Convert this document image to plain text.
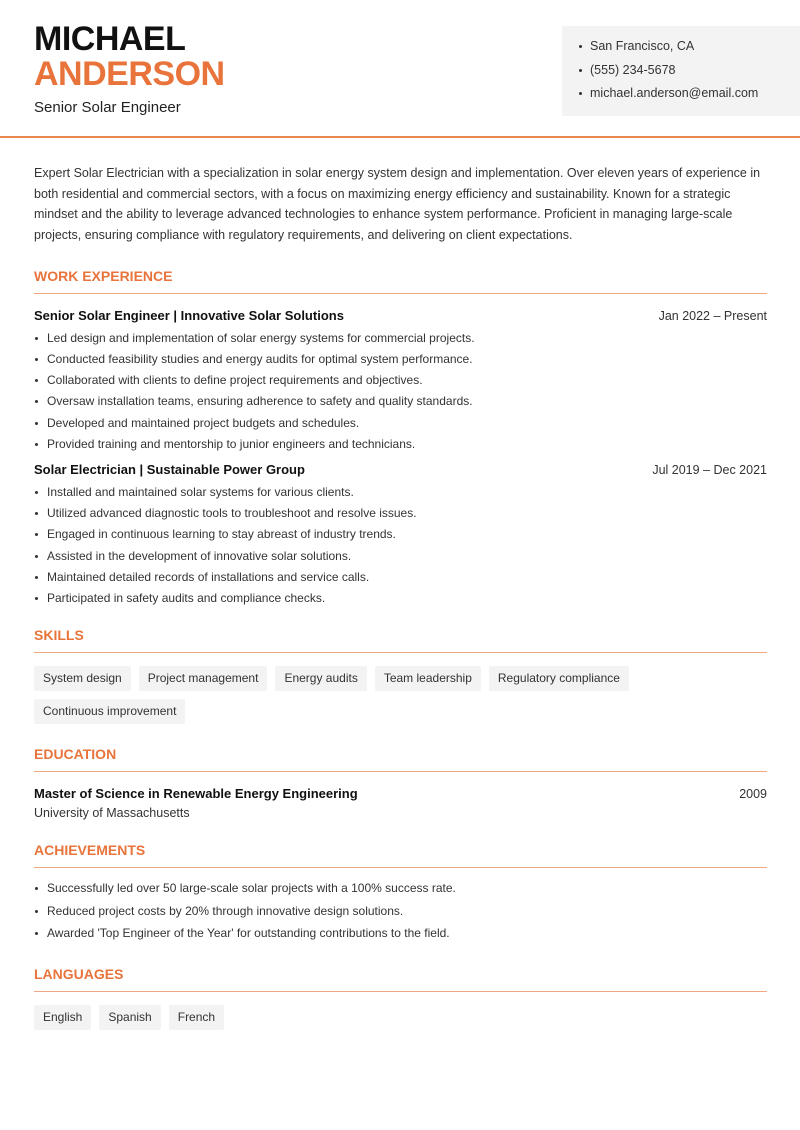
MICHAEL
ANDERSON
Senior Solar Engineer
San Francisco, CA
(555) 234-5678
michael.anderson@email.com

Expert Solar Electrician with a specialization in solar energy system design and implementation. Over eleven years of experience in both residential and commercial sectors, with a focus on maximizing energy efficiency and sustainability. Known for a strategic mindset and the ability to leverage advanced technologies to enhance system performance. Proficient in managing large-scale projects, ensuring compliance with regulatory requirements, and delivering on client expectations.

WORK EXPERIENCE
Senior Solar Engineer | Innovative Solar Solutions	Jan 2022 – Present
Led design and implementation of solar energy systems for commercial projects.
Conducted feasibility studies and energy audits for optimal system performance.
Collaborated with clients to define project requirements and objectives.
Oversaw installation teams, ensuring adherence to safety and quality standards.
Developed and maintained project budgets and schedules.
Provided training and mentorship to junior engineers and technicians.
Solar Electrician | Sustainable Power Group	Jul 2019 – Dec 2021
Installed and maintained solar systems for various clients.
Utilized advanced diagnostic tools to troubleshoot and resolve issues.
Engaged in continuous learning to stay abreast of industry trends.
Assisted in the development of innovative solar solutions.
Maintained detailed records of installations and service calls.
Participated in safety audits and compliance checks.
SKILLS
System design	Project management	Energy audits	Team leadership	Regulatory compliance
Continuous improvement
EDUCATION
Master of Science in Renewable Energy Engineering	2009
University of Massachusetts
ACHIEVEMENTS
Successfully led over 50 large-scale solar projects with a 100% success rate.
Reduced project costs by 20% through innovative design solutions.
Awarded 'Top Engineer of the Year' for outstanding contributions to the field.
LANGUAGES
English	Spanish	French
